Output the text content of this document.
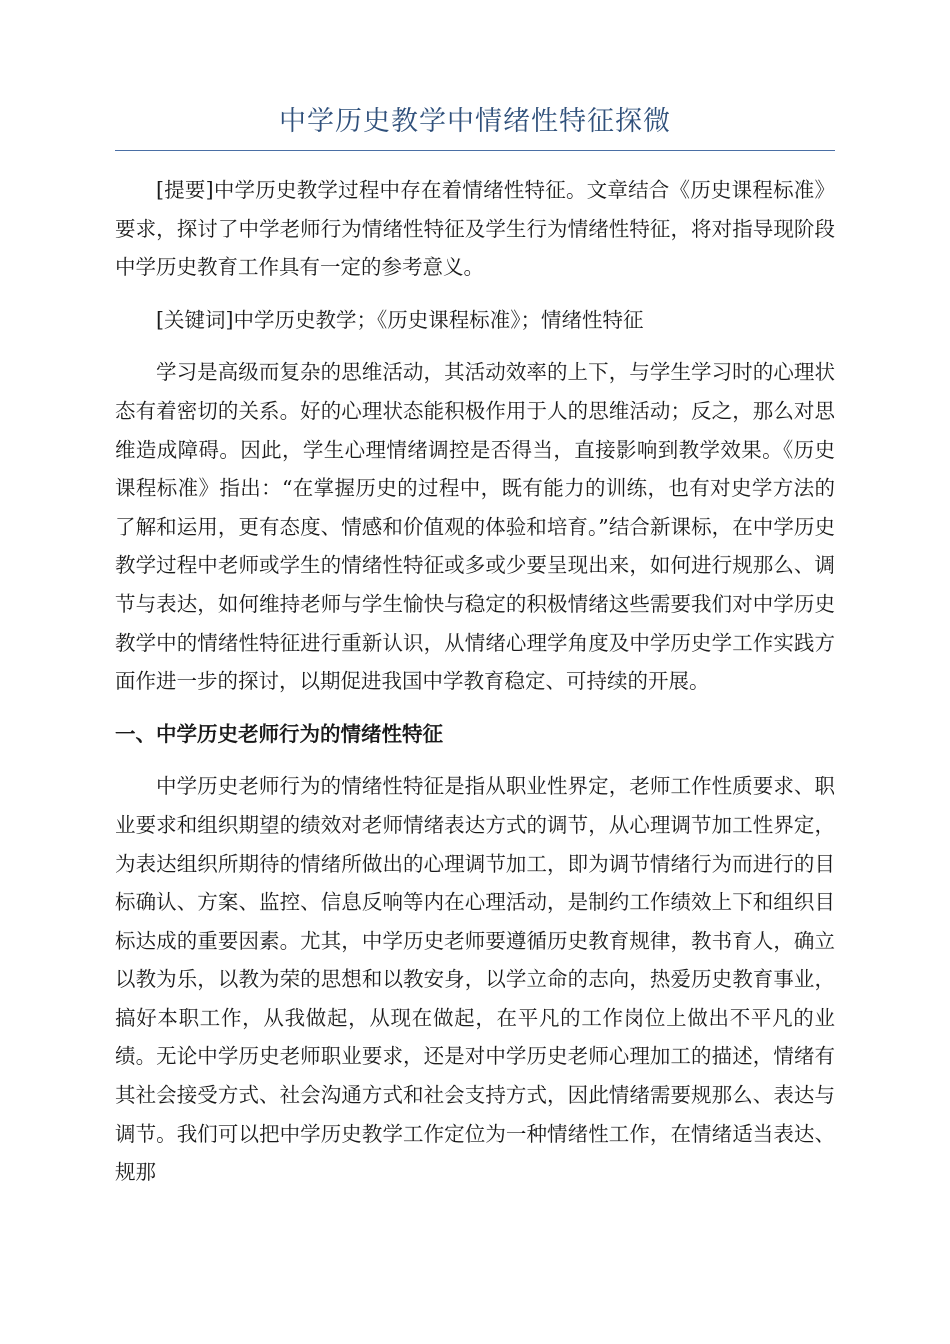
中学历史教学中情绪性特征探微

[提要]中学历史教学过程中存在着情绪性特征。文章结合《历史课程标准》要求，探讨了中学老师行为情绪性特征及学生行为情绪性特征，将对指导现阶段中学历史教育工作具有一定的参考意义。

[关键词]中学历史教学；《历史课程标准》；情绪性特征

学习是高级而复杂的思维活动，其活动效率的上下，与学生学习时的心理状态有着密切的关系。好的心理状态能积极作用于人的思维活动；反之，那么对思维造成障碍。因此，学生心理情绪调控是否得当，直接影响到教学效果。《历史课程标准》指出：“在掌握历史的过程中，既有能力的训练，也有对史学方法的了解和运用，更有态度、情感和价值观的体验和培育。”结合新课标，在中学历史教学过程中老师或学生的情绪性特征或多或少要呈现出来，如何进行规那么、调节与表达，如何维持老师与学生愉快与稳定的积极情绪这些需要我们对中学历史教学中的情绪性特征进行重新认识，从情绪心理学角度及中学历史学工作实践方面作进一步的探讨，以期促进我国中学教育稳定、可持续的开展。

一、中学历史老师行为的情绪性特征

中学历史老师行为的情绪性特征是指从职业性界定，老师工作性质要求、职业要求和组织期望的绩效对老师情绪表达方式的调节，从心理调节加工性界定，为表达组织所期待的情绪所做出的心理调节加工，即为调节情绪行为而进行的目标确认、方案、监控、信息反响等内在心理活动，是制约工作绩效上下和组织目标达成的重要因素。尤其，中学历史老师要遵循历史教育规律，教书育人，确立以教为乐，以教为荣的思想和以教安身，以学立命的志向，热爱历史教育事业，搞好本职工作，从我做起，从现在做起，在平凡的工作岗位上做出不平凡的业绩。无论中学历史老师职业要求，还是对中学历史老师心理加工的描述，情绪有其社会接受方式、社会沟通方式和社会支持方式，因此情绪需要规那么、表达与调节。我们可以把中学历史教学工作定位为一种情绪性工作，在情绪适当表达、规那
